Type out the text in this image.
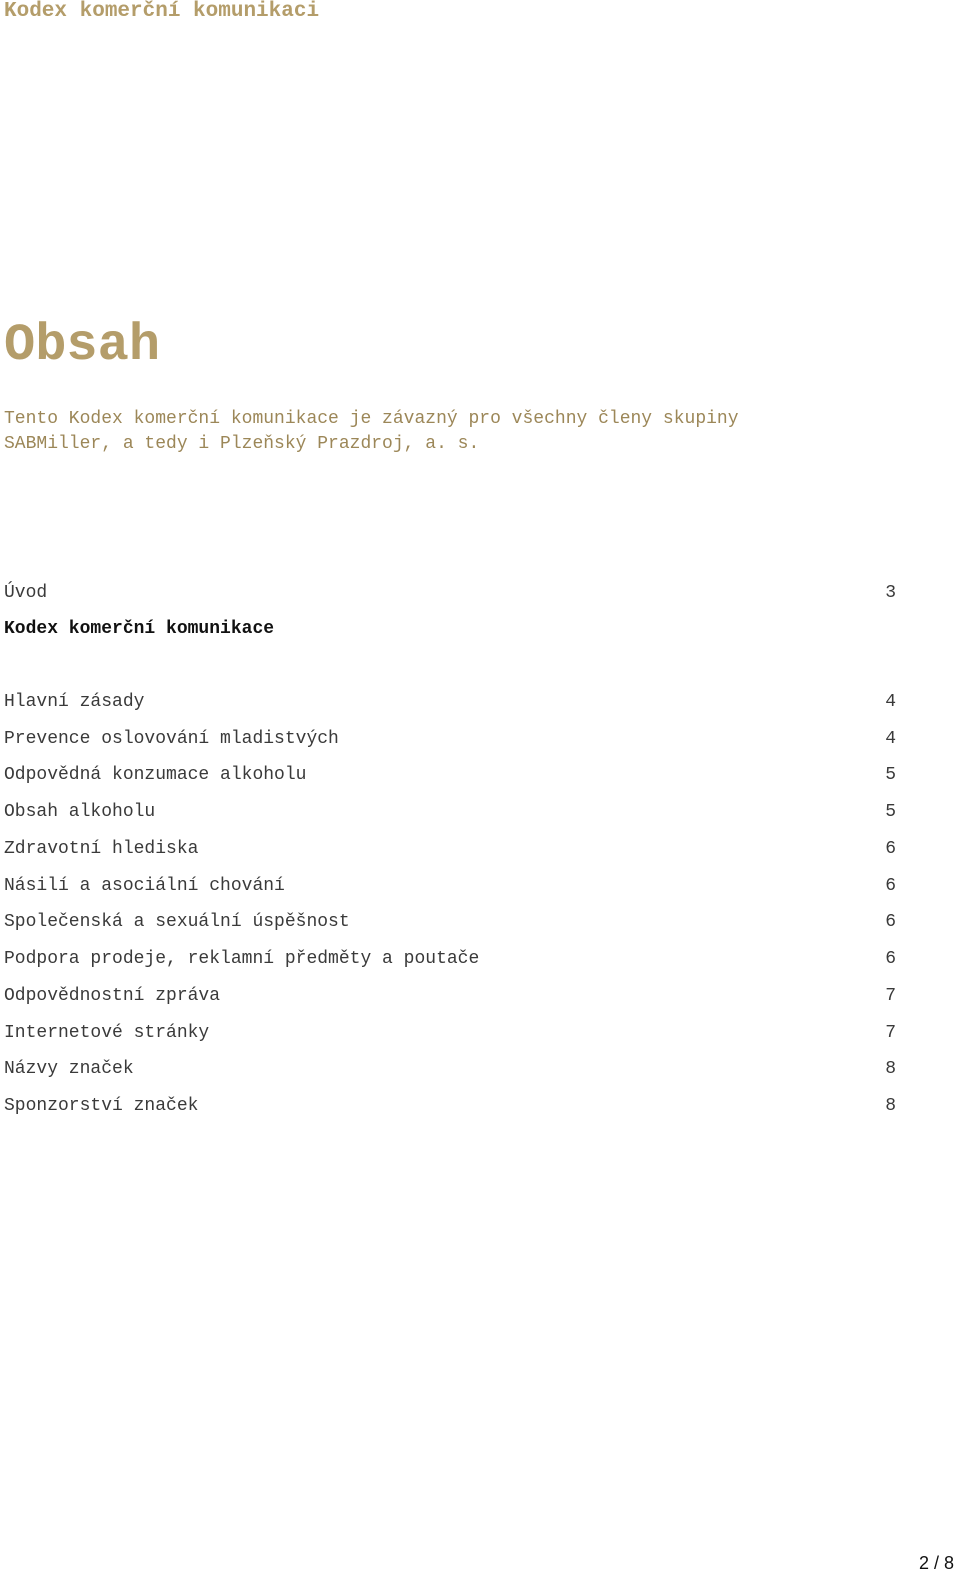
Kodex komerční komunikaci
Obsah

Tento Kodex komerční komunikace je závazný pro všechny členy skupiny

SABMiller, a tedy i Plzeňský Prazdroj, a. s.

Úvod	3
Kodex komerční komunikace
Hlavní zásady	4
Prevence oslovování mladistvých	4
Odpovědná konzumace alkoholu	5
Obsah alkoholu	5
Zdravotní hlediska	6
Násilí a asociální chování	6
Společenská a sexuální úspěšnost	6
Podpora prodeje, reklamní předměty a poutače	6
Odpovědnostní zpráva	7
Internetové stránky	7
Názvy značek	8
Sponzorství značek	8
2 / 8
